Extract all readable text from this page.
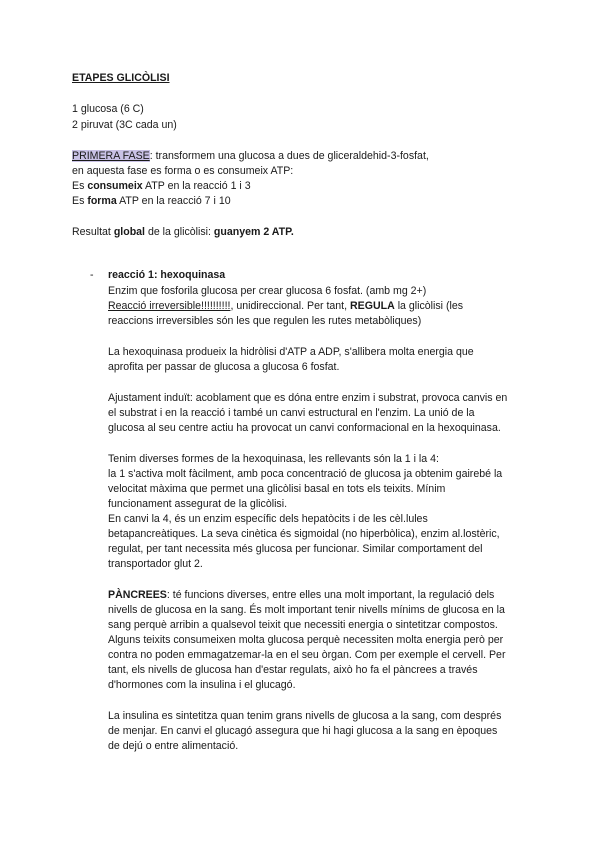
ETAPES GLICÒLISI
1 glucosa (6 C)
2 piruvat (3C cada un)
PRIMERA FASE: transformem una glucosa a dues de gliceraldehid-3-fosfat,
en aquesta fase es forma o es consumeix ATP:
Es consumeix ATP en la reacció 1 i 3
Es forma ATP en la reacció 7 i 10
Resultat global de la glicòlisi: guanyem 2 ATP.
- reacció 1: hexoquinasa
Enzim que fosforila glucosa per crear glucosa 6 fosfat. (amb mg 2+)
Reacció irreversible!!!!!!!!!!, unidireccional. Per tant, REGULA la glicòlisi (les
reaccions irreversibles són les que regulen les rutes metabòliques)
La hexoquinasa produeix la hidròlisi d'ATP a ADP, s'allibera molta energia que
aprofita per passar de glucosa a glucosa 6 fosfat.
Ajustament induït: acoblament que es dóna entre enzim i substrat, provoca canvis en
el substrat i en la reacció i també un canvi estructural en l'enzim. La unió de la
glucosa al seu centre actiu ha provocat un canvi conformacional en la hexoquinasa.
Tenim diverses formes de la hexoquinasa, les rellevants són la 1 i la 4:
la 1 s'activa molt fàcilment, amb poca concentració de glucosa ja obtenim gairebé la
velocitat màxima que permet una glicòlisi basal en tots els teixits. Mínim
funcionament assegurat de la glicòlisi.
En canvi la 4, és un enzim específic dels hepatòcits i de les cèl.lules
betapancreàtiques. La seva cinètica és sigmoidal (no hiperbòlica), enzim al.lostèric,
regulat, per tant necessita més glucosa per funcionar. Similar comportament del
transportador glut 2.
PÀNCREES: té funcions diverses, entre elles una molt important, la regulació dels
nivells de glucosa en la sang. És molt important tenir nivells mínims de glucosa en la
sang perquè arribin a qualsevol teixit que necessiti energia o sintetitzar compostos.
Alguns teixits consumeixen molta glucosa perquè necessiten molta energia però per
contra no poden emmagatzemar-la en el seu òrgan. Com per exemple el cervell. Per
tant, els nivells de glucosa han d'estar regulats, això ho fa el pàncrees a través
d'hormones com la insulina i el glucagó.
La insulina es sintetitza quan tenim grans nivells de glucosa a la sang, com després
de menjar. En canvi el glucagó assegura que hi hagi glucosa a la sang en èpoques
de dejú o entre alimentació.
